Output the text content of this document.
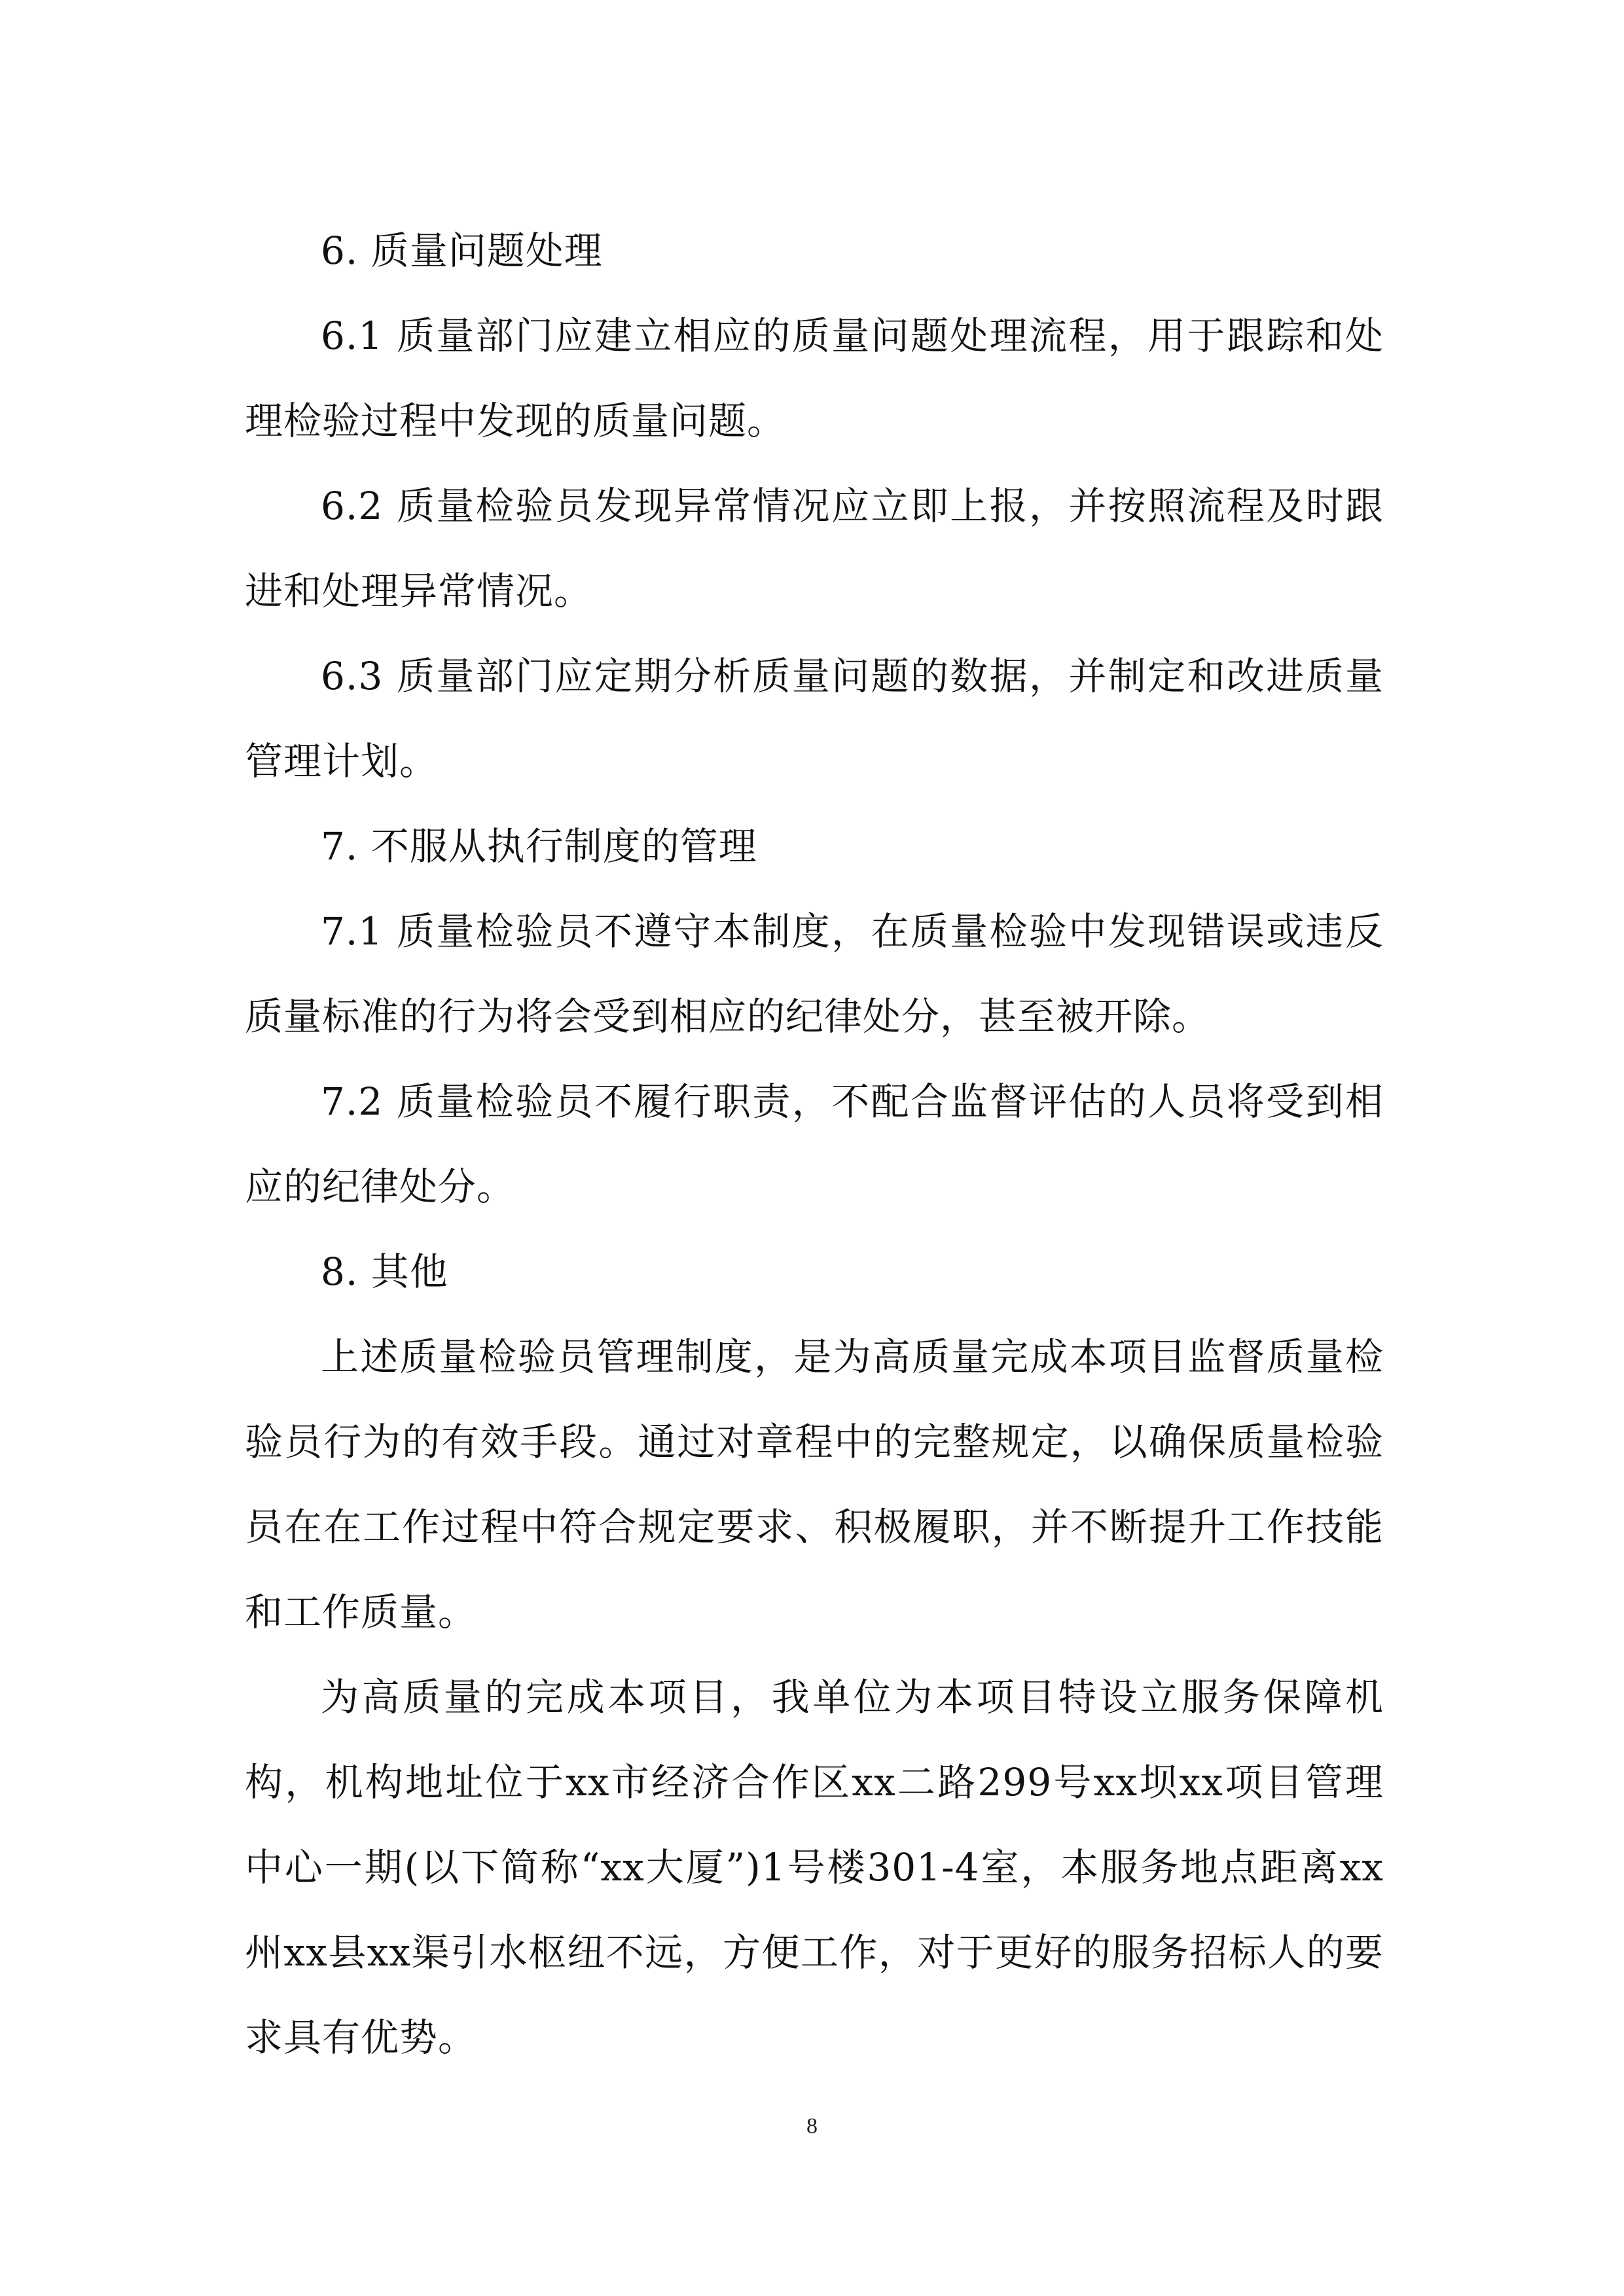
6. 质量问题处理

6.1 质量部门应建立相应的质量问题处理流程，用于跟踪和处理检验过程中发现的质量问题。

6.2 质量检验员发现异常情况应立即上报，并按照流程及时跟进和处理异常情况。

6.3 质量部门应定期分析质量问题的数据，并制定和改进质量管理计划。

7. 不服从执行制度的管理

7.1 质量检验员不遵守本制度，在质量检验中发现错误或违反质量标准的行为将会受到相应的纪律处分，甚至被开除。

7.2 质量检验员不履行职责，不配合监督评估的人员将受到相应的纪律处分。

8. 其他

上述质量检验员管理制度，是为高质量完成本项目监督质量检验员行为的有效手段。通过对章程中的完整规定，以确保质量检验员在在工作过程中符合规定要求、积极履职，并不断提升工作技能和工作质量。

为高质量的完成本项目，我单位为本项目特设立服务保障机构，机构地址位于xx市经济合作区xx二路299号xx坝xx项目管理中心一期(以下简称“xx大厦”)1号楼301-4室，本服务地点距离xx州xx县xx渠引水枢纽不远，方便工作，对于更好的服务招标人的要求具有优势。

8
